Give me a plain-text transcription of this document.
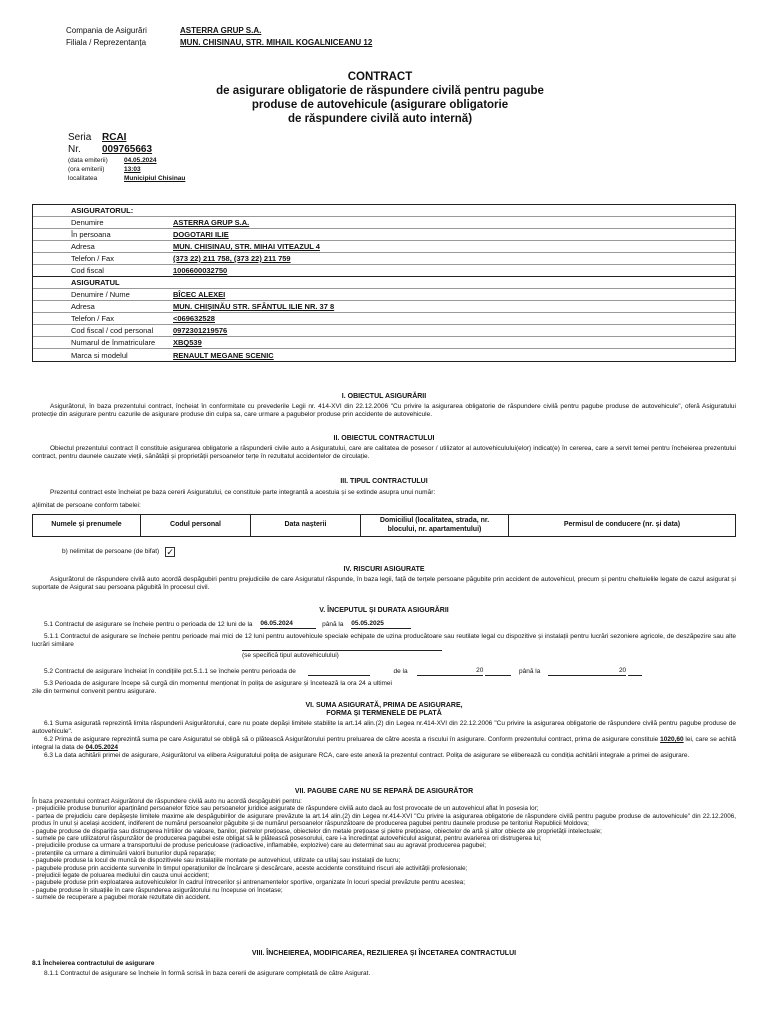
Compania de Asigurări	ASTERRA GRUP S.A.
Filiala / Reprezentanța	MUN. CHISINAU, STR. MIHAIL KOGALNICEANU 12
CONTRACT
de asigurare obligatorie de răspundere civilă pentru pagube
produse de autovehicule (asigurare obligatorie
de răspundere civilă auto internă)
Seria	RCAI
Nr.	009765663
(data emiterii)	04.05.2024
(ora emiterii)	13:03
localitatea	Municipiul Chisinau
ASIGURATORUL:
Denumire	ASTERRA GRUP S.A.
În persoana	DOGOTARI ILIE
Adresa	MUN. CHISINAU, STR. MIHAI VITEAZUL 4
Telefon / Fax	(373 22) 211 758, (373 22) 211 759
Cod fiscal	1006600032750
ASIGURATUL
Denumire / Nume	BÎCEC ALEXEI
Adresa	MUN. CHIȘINĂU STR. SFÂNTUL ILIE NR. 37 8
Telefon / Fax	<069632528
Cod fiscal / cod personal	0972301219576
Numarul de înmatriculare	XBQ539
Marca si modelul	RENAULT MEGANE SCENIC
I. OBIECTUL ASIGURĂRII
Asigurătorul, în baza prezentului contract, încheiat în conformitate cu prevederile Legii nr. 414-XVI din 22.12.2006 "Cu privire la asigurarea obligatorie de răspundere civilă pentru pagube produse de autovehicule", oferă Asiguratului protecție din asigurare pentru cazurile de asigurare produse din culpa sa, care urmare a pagubelor produse prin accidente de autovehicule.
II. OBIECTUL CONTRACTULUI
Obiectul prezentului contract îl constituie asigurarea obligatorie a răspunderii civile auto a Asiguratului, care are calitatea de posesor / utilizator al autovehiculului(elor) indicat(e) în cererea, care a servit temei pentru încheierea prezentului contract, pentru daunele cauzate vieții, sănătății și proprietății persoanelor terțe în rezultatul accidentelor de circulație.
III. TIPUL CONTRACTULUI
Prezentul contract este încheiat pe baza cererii Asiguratului, ce constituie parte integrantă a acestuia și se extinde asupra unui număr:
a)limitat de persoane conform tabelei:
Numele și prenumele	Codul personal	Data nașterii	Domiciliul (localitatea, strada, nr. blocului, nr. apartamentului)	Permisul de conducere (nr. și data)
b) nelimitat de persoane (de bifat) ✓
IV. RISCURI ASIGURATE
Asigurătorul de răspundere civilă auto acordă despăgubiri pentru prejudiciile de care Asiguratul răspunde, în baza legii, față de terțele persoane păgubite prin accident de autovehicul, precum și pentru cheltuielile legate de cazul asigurat și suportate de Asigurat sau persoana păgubită în procesul civil.
V. ÎNCEPUTUL ȘI DURATA ASIGURĂRII
5.1 Contractul de asigurare se încheie pentru o perioada de 12 luni de la 06.05.2024	până la 05.05.2025
5.1.1 Contractul de asigurare se încheie pentru perioade mai mici de 12 luni pentru autovehicule speciale echipate de uzina producătoare sau reutilate legal cu dispozitive și instalații pentru lucrări sezoniere agricole, de deszăpezire sau alte lucrări similare
(se specifică tipul autovehiculului)
5.2 Contractul de asigurare încheiat în condițiile pct.5.1.1 se încheie pentru perioada de	de la	20	până la	20
5.3 Perioada de asigurare începe să curgă din momentul menționat în polița de asigurare și încetează la ora 24 a ultimei zile din termenul convenit pentru asigurare.
VI. SUMA ASIGURATĂ, PRIMA DE ASIGURARE,
FORMA ȘI TERMENELE DE PLATĂ
6.1 Suma asigurată reprezintă limita răspunderii Asigurătorului, care nu poate depăși limitele stabilite la art.14 alin.(2) din Legea nr.414-XVI din 22.12.2006 "Cu privire la asigurarea obligatorie de răspundere civilă pentru pagube produse de autovehicule".
6.2 Prima de asigurare reprezintă suma pe care Asiguratul se obligă să o plătească Asigurătorului pentru preluarea de către acesta a riscului în asigurare. Conform prezentului contract, prima de asigurare constituie 1020,60 lei, care se achită integral la data de 04.05.2024
6.3 La data achitării primei de asigurare, Asigurătorul va elibera Asiguratului polița de asigurare RCA, care este anexă la prezentul contract. Polița de asigurare se eliberează cu condiția achitării integrale a primei de asigurare.
VII. PAGUBE CARE NU SE REPARĂ DE ASIGURĂTOR
În baza prezentului contract Asigurătorul de răspundere civilă auto nu acordă despăgubiri pentru:
- prejudiciile produse bunurilor aparținând persoanelor fizice sau persoanelor juridice asigurate de răspundere civilă auto dacă au fost provocate de un autovehicul aflat în posesia lor;
- partea de prejudiciu care depășește limitele maxime ale despăgubirilor de asigurare prevăzute la art.14 alin.(2) din Legea nr.414-XVI "Cu privire la asigurarea obligatorie de răspundere civilă pentru pagube produse de autovehicule" din 22.12.2006, produs în unul și același accident, indiferent de numărul persoanelor păgubite și de numărul persoanelor răspunzătoare de producerea pagubei pentru daunele produse pe teritoriul Republicii Moldova;
- pagube produse de dispariția sau distrugerea hîrtiilor de valoare, banilor, pietrelor prețioase, obiectelor din metale prețioase și pietre prețioase, obiectelor de artă și altor obiecte ale proprietății intelectuale;
- sumele pe care utilizatorul răspunzător de producerea pagubei este obligat să le plătească posesorului, care i-a încredințat autovehiculul asigurat, pentru avarierea ori distrugerea lui;
- prejudiciile produse ca urmare a transportului de produse periculoase (radioactive, inflamabile, explozive) care au determinat sau au agravat producerea pagubei;
- pretențiile ca urmare a diminuării valorii bunurilor după reparație;
- pagubele produse la locul de muncă de dispozitivele sau instalațiile montate pe autovehicul, utilizate ca utilaj sau instalații de lucru;
- pagubele produse prin accidente survenite în timpul operațiunilor de încărcare și descărcare, aceste accidente constituind riscuri ale activității profesionale;
- prejudicii legate de poluarea mediului din cauza unui accident;
- pagubele produse prin exploatarea autovehiculelor în cadrul întrecerilor și antrenamentelor sportive, organizate în locuri special prevăzute pentru acestea;
- pagube produse în situațiile în care răspunderea asigurătorului nu începuse ori încetase;
- sumele de recuperare a pagubei morale rezultate din accident.
VIII. ÎNCHEIEREA, MODIFICAREA, REZILIEREA ȘI ÎNCETAREA CONTRACTULUI
8.1 Încheierea contractului de asigurare
8.1.1 Contractul de asigurare se încheie în formă scrisă în baza cererii de asigurare completată de către Asigurat.
